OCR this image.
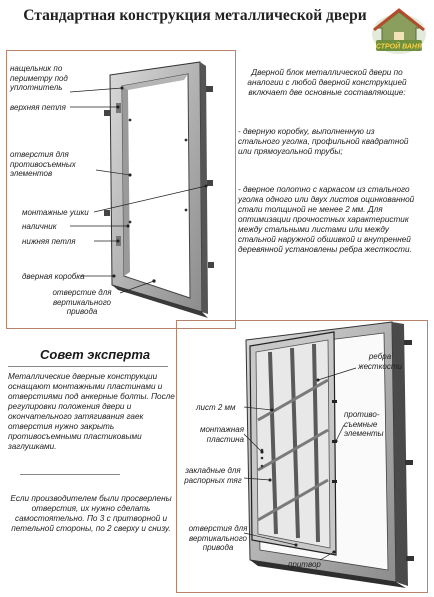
Стандартная конструкция металлической двери
СТРОЙ ВАНЯ
нащельник по периметру под уплотнитель
верхняя петля
отверстия для противосъемных элементов
монтажные ушки
наличник
нижняя петля
дверная коробка
отверстие для вертикального привода
Дверной блок металлической двери по аналогии с любой дверной конструкцией включает две основные составляющие:
- дверную коробку, выполненную из стального уголка, профильной квадратной или прямоугольной трубы;
- дверное полотно с каркасом из стального уголка одного или двух листов оцинкованной стали толщиной не менее 2 мм. Для оптимизации прочностных характеристик между стальными листами или между стальной наружной обшивкой и внутренней деревянной установлены ребра жесткости.
Совет эксперта
Металлические дверные конструкции оснащают монтажными пластинами и отверстиями под анкерные болты. После регулировки положения двери и окончательного затягивания гаек отверстия нужно закрыть противосъемными пластиковыми заглушками.
Если производителем были просверлены отверстия, их нужно сделать самостоятельно. По 3 с притворной и петельной стороны, по 2 сверху и снизу.
ребра жесткости
лист 2 мм
монтажная пластина
противо-съемные элементы
закладные для распорных тяг
отверстия для вертикального привода
притвор
